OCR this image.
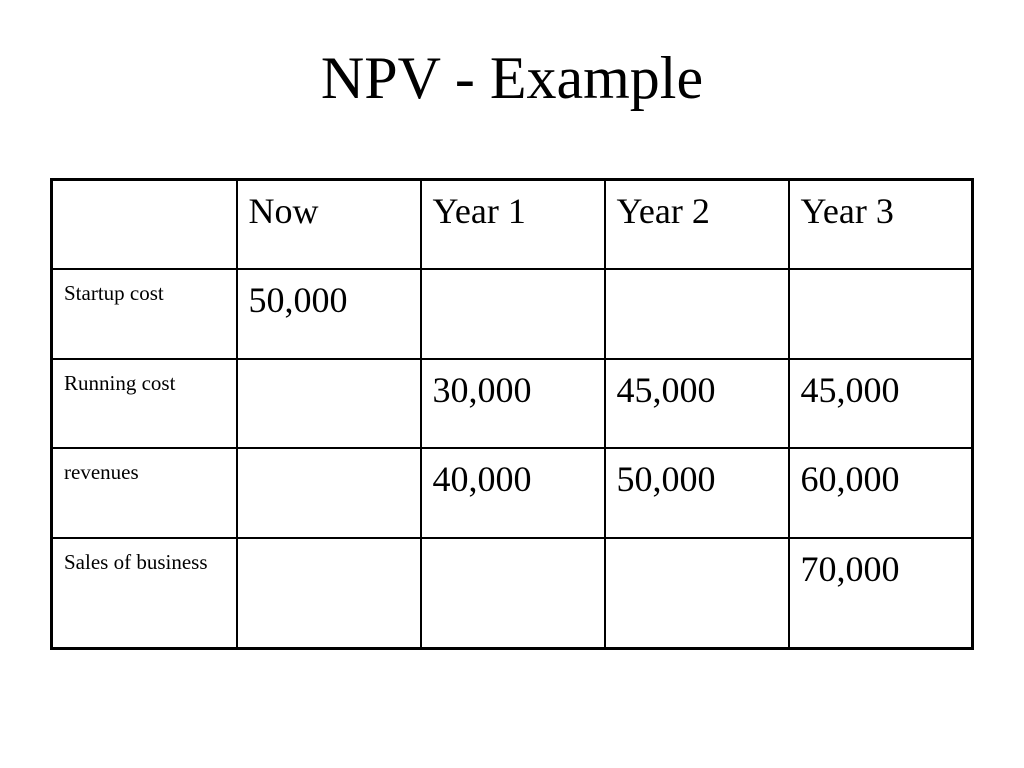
NPV - Example
	Now	Year 1	Year 2	Year 3
Startup cost	50,000			
Running cost		30,000	45,000	45,000
revenues		40,000	50,000	60,000
Sales of business				70,000
